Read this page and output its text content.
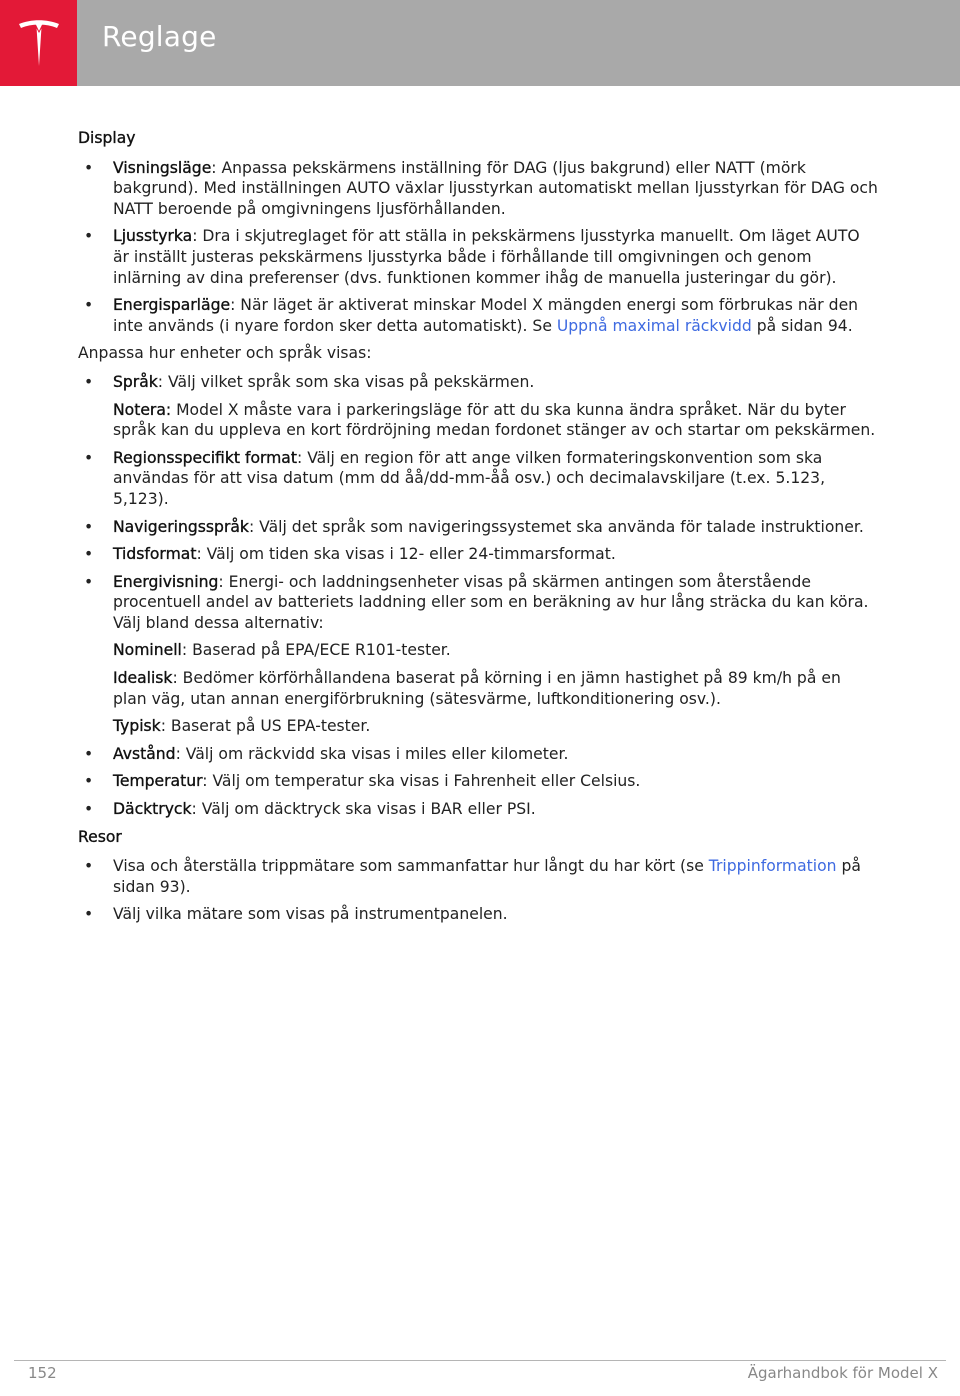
Reglage
Display
• Visningsläge: Anpassa pekskärmens inställning för DAG (ljus bakgrund) eller NATT (mörk bakgrund). Med inställningen AUTO växlar ljusstyrkan automatiskt mellan ljusstyrkan för DAG och NATT beroende på omgivningens ljusförhållanden.
• Ljusstyrka: Dra i skjutreglaget för att ställa in pekskärmens ljusstyrka manuellt. Om läget AUTO är inställt justeras pekskärmens ljusstyrka både i förhållande till omgivningen och genom inlärning av dina preferenser (dvs. funktionen kommer ihåg de manuella justeringar du gör).
• Energisparläge: När läget är aktiverat minskar Model X mängden energi som förbrukas när den inte används (i nyare fordon sker detta automatiskt). Se Uppnå maximal räckvidd på sidan 94.
Anpassa hur enheter och språk visas:
• Språk: Välj vilket språk som ska visas på pekskärmen.
Notera: Model X måste vara i parkeringsläge för att du ska kunna ändra språket. När du byter språk kan du uppleva en kort fördröjning medan fordonet stänger av och startar om pekskärmen.
• Regionsspecifikt format: Välj en region för att ange vilken formateringskonvention som ska användas för att visa datum (mm dd åå/dd-mm-åå osv.) och decimalavskiljare (t.ex. 5.123, 5,123).
• Navigeringsspråk: Välj det språk som navigeringssystemet ska använda för talade instruktioner.
• Tidsformat: Välj om tiden ska visas i 12- eller 24-timmarsformat.
• Energivisning: Energi- och laddningsenheter visas på skärmen antingen som återstående procentuell andel av batteriets laddning eller som en beräkning av hur lång sträcka du kan köra. Välj bland dessa alternativ:
Nominell: Baserad på EPA/ECE R101-tester.
Idealisk: Bedömer körförhållandena baserat på körning i en jämn hastighet på 89 km/h på en plan väg, utan annan energiförbrukning (sätesvärme, luftkonditionering osv.).
Typisk: Baserat på US EPA-tester.
• Avstånd: Välj om räckvidd ska visas i miles eller kilometer.
• Temperatur: Välj om temperatur ska visas i Fahrenheit eller Celsius.
• Däcktryck: Välj om däcktryck ska visas i BAR eller PSI.
Resor
• Visa och återställa trippmätare som sammanfattar hur långt du har kört (se Trippinformation på sidan 93).
• Välj vilka mätare som visas på instrumentpanelen.
152	Ägarhandbok för Model X
